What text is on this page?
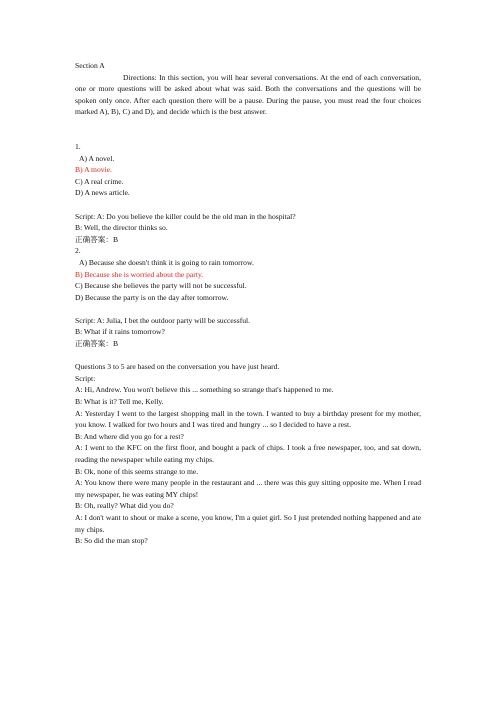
Section A

Directions: In this section, you will hear several conversations. At the end of each conversation, one or more questions will be asked about what was said. Both the conversations and the questions will be spoken only once. After each question there will be a pause. During the pause, you must read the four choices marked A), B), C) and D), and decide which is the best answer.

1.

A) A novel.

B) A movie.

C) A real crime.

D) A news article.

Script: A: Do you believe the killer could be the old man in the hospital?

B: Well, the director thinks so.

正确答案：B

2.

A) Because she doesn't think it is going to rain tomorrow.

B) Because she is worried about the party.

C) Because she believes the party will not be successful.

D) Because the party is on the day after tomorrow.

Script: A: Julia, I bet the outdoor party will be successful.

B: What if it rains tomorrow?

正确答案：B

Questions 3 to 5 are based on the conversation you have just heard.

Script:

A: Hi, Andrew. You won't believe this ... something so strange that's happened to me.

B: What is it? Tell me, Kelly.

A: Yesterday I went to the largest shopping mall in the town. I wanted to buy a birthday present for my mother, you know. I walked for two hours and I was tired and hungry ... so I decided to have a rest.

B: And where did you go for a rest?

A: I went to the KFC on the first floor, and bought a pack of chips. I took a free newspaper, too, and sat down, reading the newspaper while eating my chips.

B: Ok, none of this seems strange to me.

A: You know there were many people in the restaurant and ... there was this guy sitting opposite me. When I read my newspaper, he was eating MY chips!

B: Oh, really? What did you do?

A: I don't want to shout or make a scene, you know, I'm a quiet girl. So I just pretended nothing happened and ate my chips.

B: So did the man stop?
